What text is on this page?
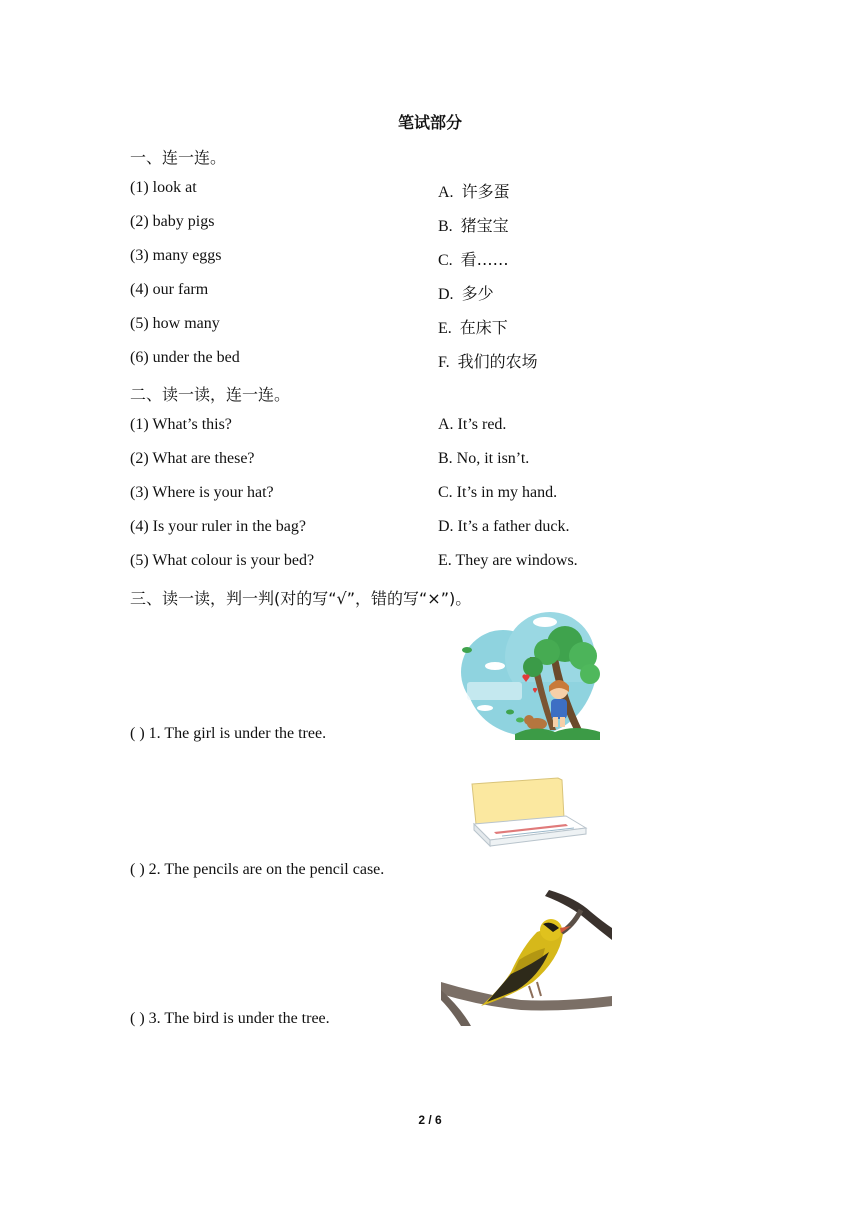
笔试部分
一、连一连。
(1) look at	A. 许多蛋
(2) baby pigs	B. 猪宝宝
(3) many eggs	C. 看……
(4) our farm	D. 多少
(5) how many	E. 在床下
(6) under the bed	F. 我们的农场
二、读一读，连一连。
(1) What’s this?	A. It’s red.
(2) What are these?	B. No, it isn’t.
(3) Where is your hat?	C. It’s in my hand.
(4) Is your ruler in the bag?	D. It’s a father duck.
(5) What colour is your bed?	E. They are windows.
三、读一读，判一判(对的写“√”，错的写“×”)。
( ) 1. The girl is under the tree.
( ) 2. The pencils are on the pencil case.
( ) 3. The bird is under the tree.
2 / 6
